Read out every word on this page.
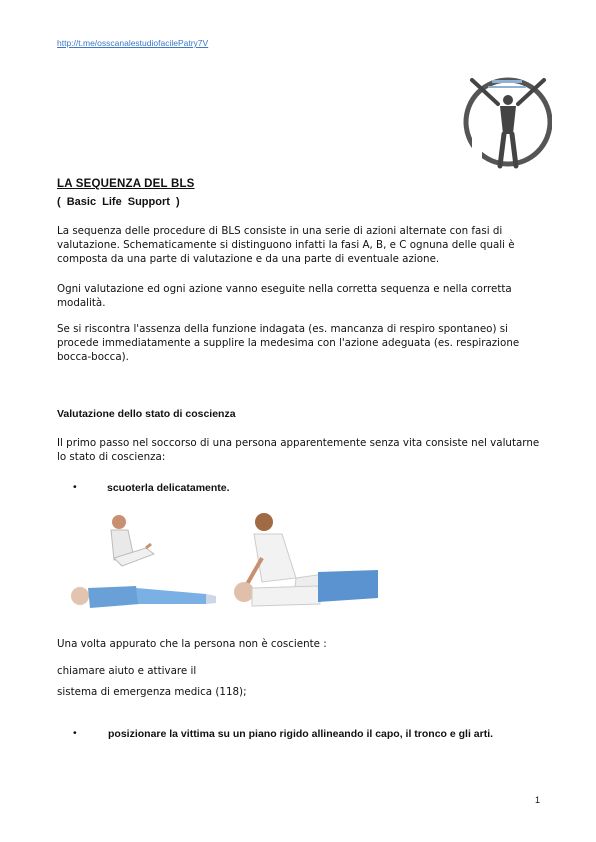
http://t.me/osscanalestudiofacilePatry7V
LA SEQUENZA DEL BLS
( Basic Life Support )

La sequenza delle procedure di BLS consiste in una serie di azioni alternate con fasi di valutazione. Schematicamente si distinguono infatti la fasi A, B, e C ognuna delle quali è composta da una parte di valutazione e da una parte di eventuale azione.

Ogni valutazione ed ogni azione vanno eseguite nella corretta sequenza e nella corretta modalità.

Se si riscontra l'assenza della funzione indagata (es. mancanza di respiro spontaneo) si procede immediatamente a supplire la medesima con l'azione adeguata (es. respirazione bocca-bocca).

Valutazione dello stato di coscienza

Il primo passo nel soccorso di una persona apparentemente senza vita consiste nel valutarne lo stato di coscienza:

•	scuoterla delicatamente.
Una volta appurato che la persona non è cosciente :
chiamare aiuto e attivare il
sistema di emergenza medica (118);
•	posizionare la vittima su un piano rigido allineando il capo, il tronco e gli arti.
1
